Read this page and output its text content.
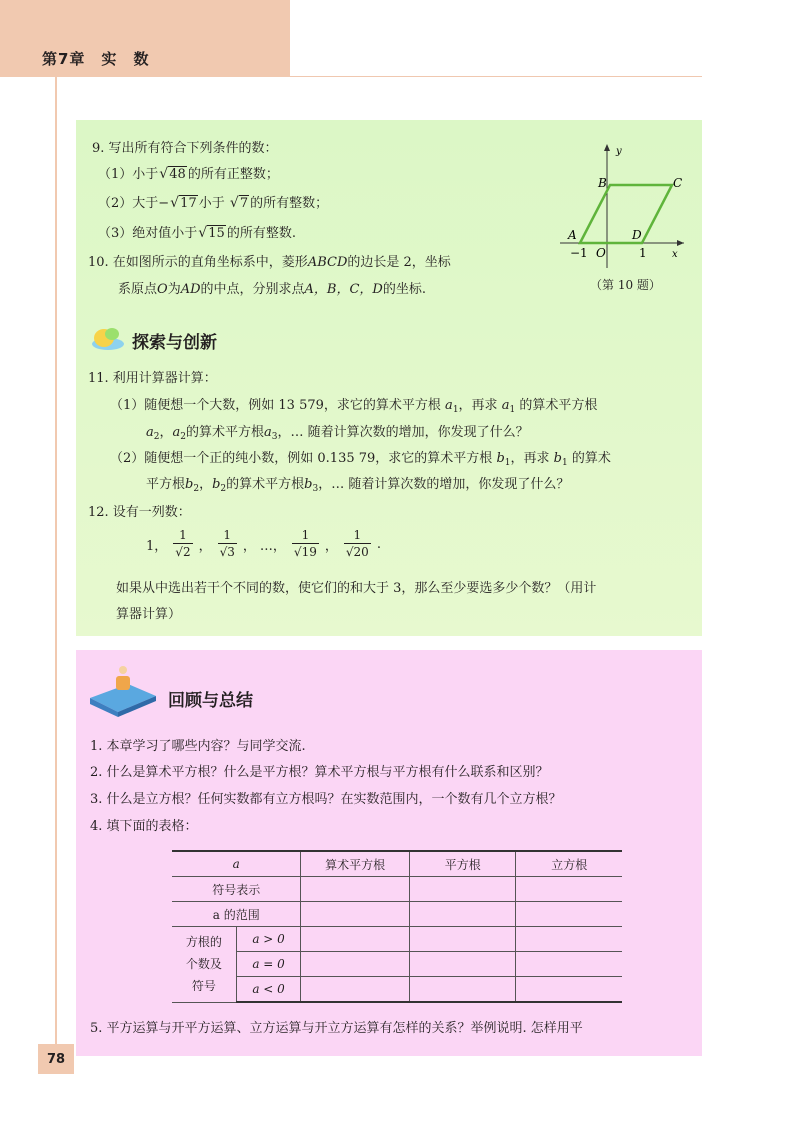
第7章　实　数
9. 写出所有符合下列条件的数：
（1）小于 √ 48 的所有正整数；
（2）大于− √ 17 小于 √ 7 的所有整数；
（3）绝对值小于 √ 15 的所有整数.
10. 在如图所示的直角坐标系中，菱形ABCD的边长是 2，坐标
系原点O为AD的中点，分别求点A，B，C，D的坐标.
y
x
B	C
A	D
O
−1	1
（第 10 题）
探索与创新
11. 利用计算器计算：
（1）随便想一个大数，例如 13 579，求它的算术平方根 $a_1$，再求 $a_1$ 的算术平方根
$a_2$，$a_2$的算术平方根$a_3$，… 随着计算次数的增加，你发现了什么？
（2）随便想一个正的纯小数，例如 0.135 79，求它的算术平方根 $b_1$，再求 $b_1$ 的算术
平方根$b_2$，$b_2$的算术平方根$b_3$，… 随着计算次数的增加，你发现了什么？
12. 设有一列数：
1， $\frac{1}{√2}$ ， $\frac{1}{√3}$ ， …， $\frac{1}{√19}$ ， $\frac{1}{√20}$ .
如果从中选出若干个不同的数，使它们的和大于 3，那么至少要选多少个数？（用计
算器计算）
回顾与总结
1. 本章学习了哪些内容？与同学交流.
2. 什么是算术平方根？什么是平方根？算术平方根与平方根有什么联系和区别？
3. 什么是立方根？任何实数都有立方根吗？在实数范围内，一个数有几个立方根？
4. 填下面的表格：
a		算术平方根	平方根	立方根
符号表示				
a 的范围				

方根的
个数及
符号	a > 0			
	a = 0			
	a < 0			
5. 平方运算与开平方运算、立方运算与开立方运算有怎样的关系？举例说明. 怎样用平
78
